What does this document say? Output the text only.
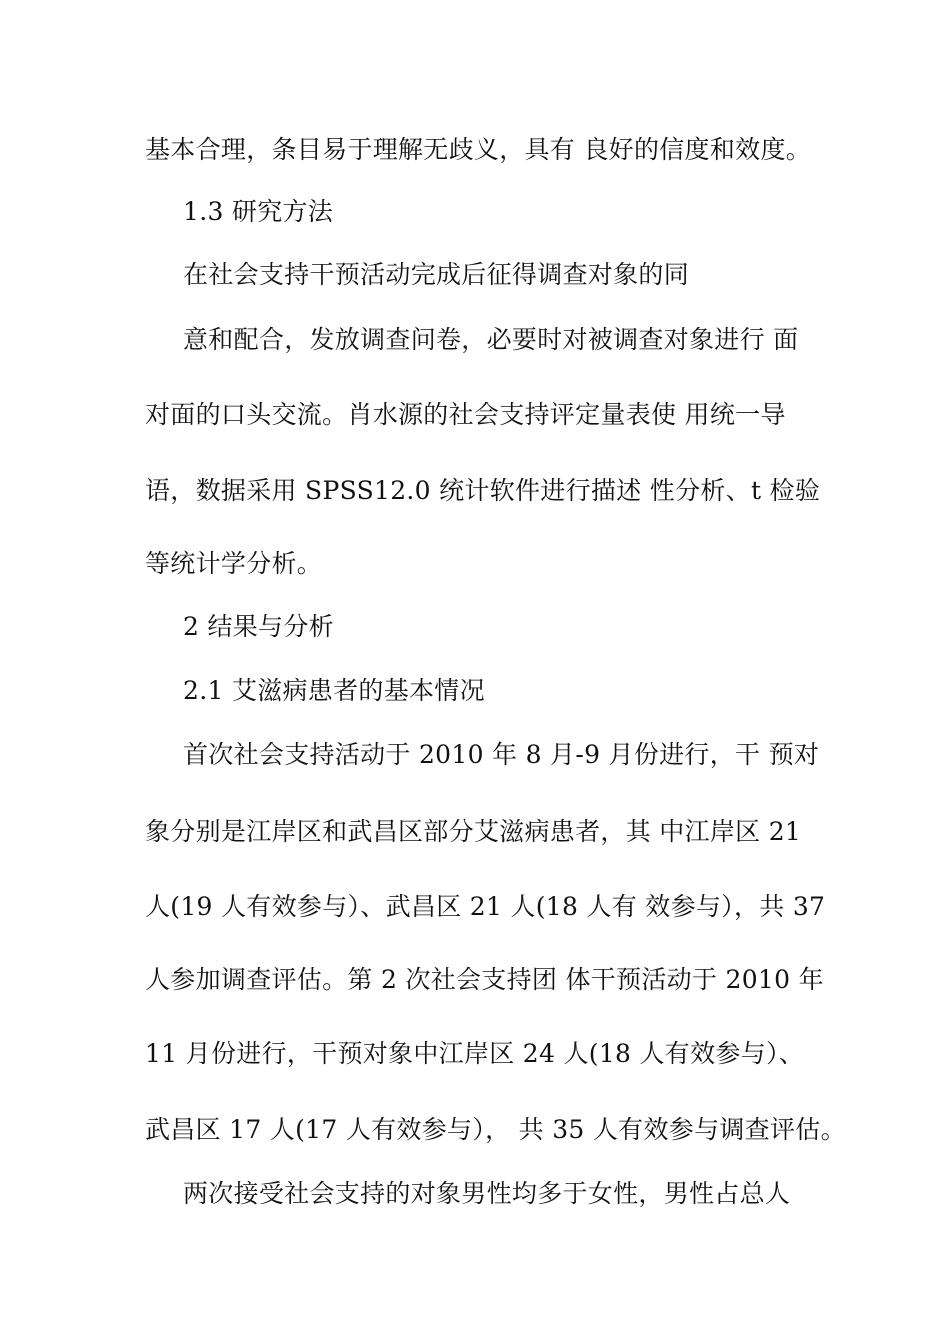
基本合理，条目易于理解无歧义，具有 良好的信度和效度。
1.3 研究方法
在社会支持干预活动完成后征得调查对象的同
意和配合，发放调查问卷，必要时对被调查对象进行 面
对面的口头交流。肖水源的社会支持评定量表使 用统一导
语，数据采用 SPSS12.0 统计软件进行描述 性分析、t 检验
等统计学分析。
2 结果与分析
2.1 艾滋病患者的基本情况
首次社会支持活动于 2010 年 8 月-9 月份进行，干 预对
象分别是江岸区和武昌区部分艾滋病患者，其 中江岸区 21
人(19 人有效参与）、武昌区 21 人(18 人有 效参与），共 37
人参加调查评估。第 2 次社会支持团 体干预活动于 2010 年
11 月份进行，干预对象中江岸区 24 人(18 人有效参与）、
武昌区 17 人(17 人有效参与）， 共 35 人有效参与调查评估。
两次接受社会支持的对象男性均多于女性，男性占总人
